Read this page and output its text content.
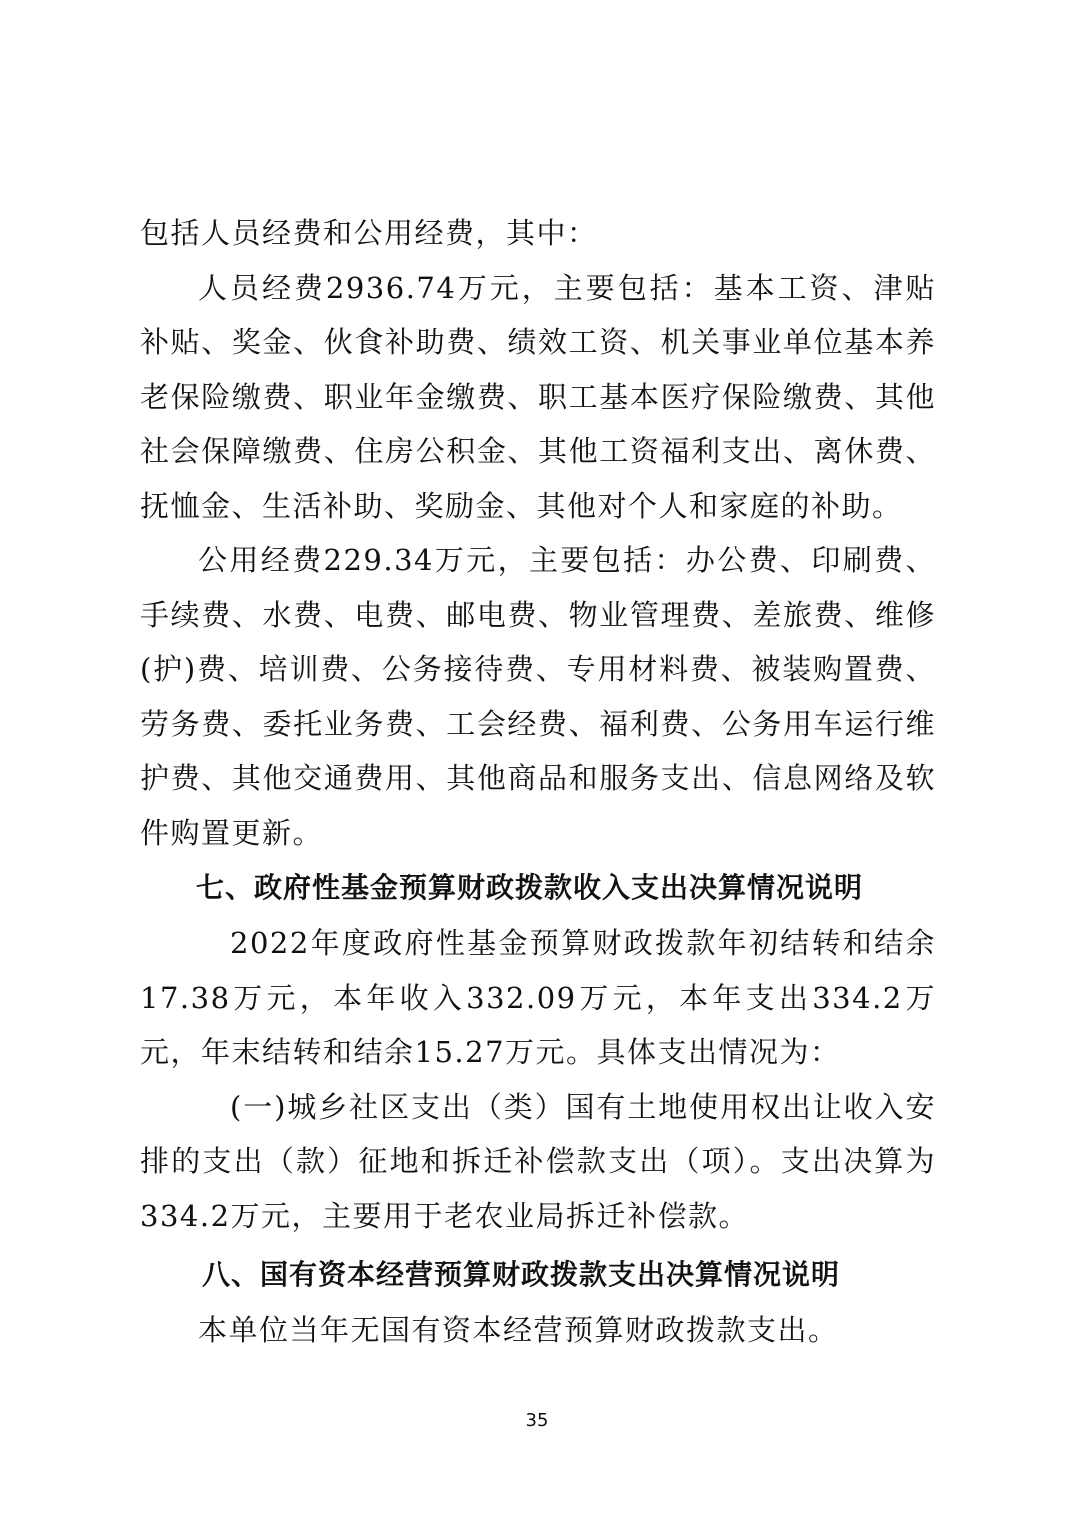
包括人员经费和公用经费，其中：

人员经费2936.74万元，主要包括：基本工资、津贴补贴、奖金、伙食补助费、绩效工资、机关事业单位基本养老保险缴费、职业年金缴费、职工基本医疗保险缴费、其他社会保障缴费、住房公积金、其他工资福利支出、离休费、抚恤金、生活补助、奖励金、其他对个人和家庭的补助。

公用经费229.34万元，主要包括：办公费、印刷费、手续费、水费、电费、邮电费、物业管理费、差旅费、维修(护)费、培训费、公务接待费、专用材料费、被装购置费、劳务费、委托业务费、工会经费、福利费、公务用车运行维护费、其他交通费用、其他商品和服务支出、信息网络及软件购置更新。

七、政府性基金预算财政拨款收入支出决算情况说明

2022年度政府性基金预算财政拨款年初结转和结余17.38万元，本年收入332.09万元，本年支出334.2万元，年末结转和结余15.27万元。具体支出情况为：

(一)城乡社区支出（类）国有土地使用权出让收入安排的支出（款）征地和拆迁补偿款支出（项）。支出决算为334.2万元，主要用于老农业局拆迁补偿款。

八、国有资本经营预算财政拨款支出决算情况说明

本单位当年无国有资本经营预算财政拨款支出。

35
